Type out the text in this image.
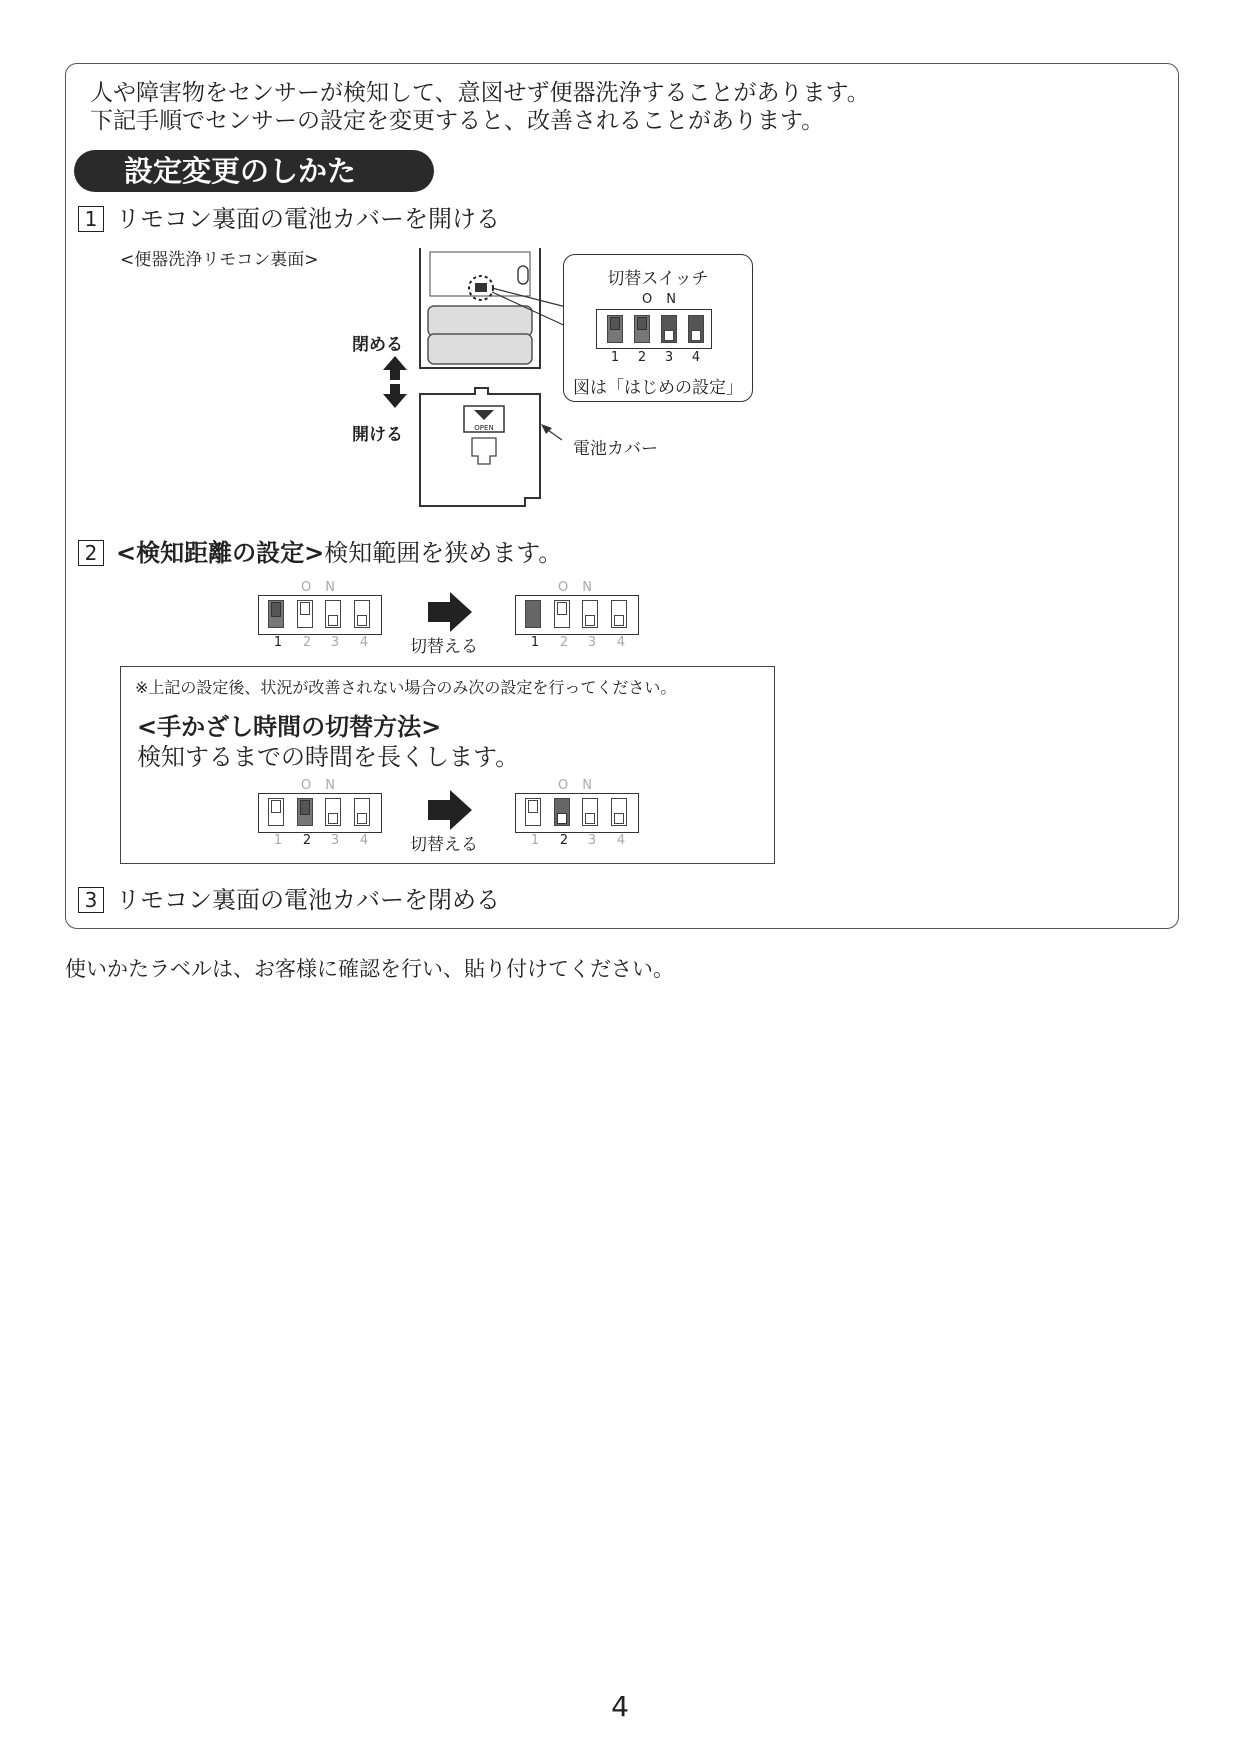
人や障害物をセンサーが検知して、意図せず便器洗浄することがあります。
下記手順でセンサーの設定を変更すると、改善されることがあります。
設定変更のしかた
1 リモコン裏面の電池カバーを開ける
<便器洗浄リモコン裏面>
OPEN
閉める
開ける
電池カバー
切替スイッチ
ON
1 2 3 4
図は「はじめの設定」
2 <検知距離の設定> 検知範囲を狭めます。
ON
1 2 3 4 切替える
ON
1 2 3 4
※上記の設定後、状況が改善されない場合のみ次の設定を行ってください。
<手かざし時間の切替方法>
検知するまでの時間を長くします。
ON
1 2 3 4 切替える
ON
1 2 3 4
3 リモコン裏面の電池カバーを閉める
使いかたラベルは、お客様に確認を行い、貼り付けてください。
4
